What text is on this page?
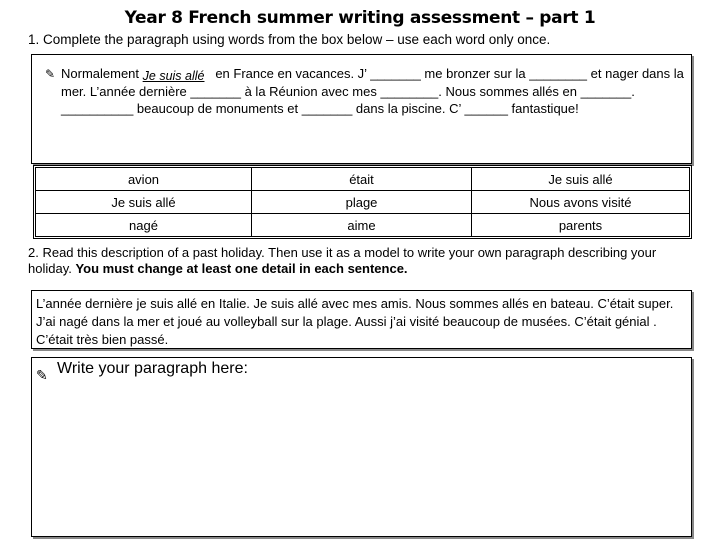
Year 8 French summer writing assessment – part 1
1. Complete the paragraph using words from the box below – use each word only once.
✎ Normalement Je suis allé en France en vacances. J’ _______ me bronzer sur la ________ et nager dans la mer. L’année dernière _______ à la Réunion avec mes ________. Nous sommes allés en _______. __________ beaucoup de monuments et _______ dans la piscine. C’ ______ fantastique!
avion	était	Je suis allé
Je suis allé	plage	Nous avons visité
nagé	aime	parents
2. Read this description of a past holiday. Then use it as a model to write your own paragraph describing your holiday. You must change at least one detail in each sentence.
L’année dernière je suis allé en Italie. Je suis allé avec mes amis. Nous sommes allés en bateau. C’était super. J’ai nagé dans la mer et joué au volleyball sur la plage. Aussi j’ai visité beaucoup de musées. C’était génial . C’était très bien passé.
✎ Write your paragraph here:
